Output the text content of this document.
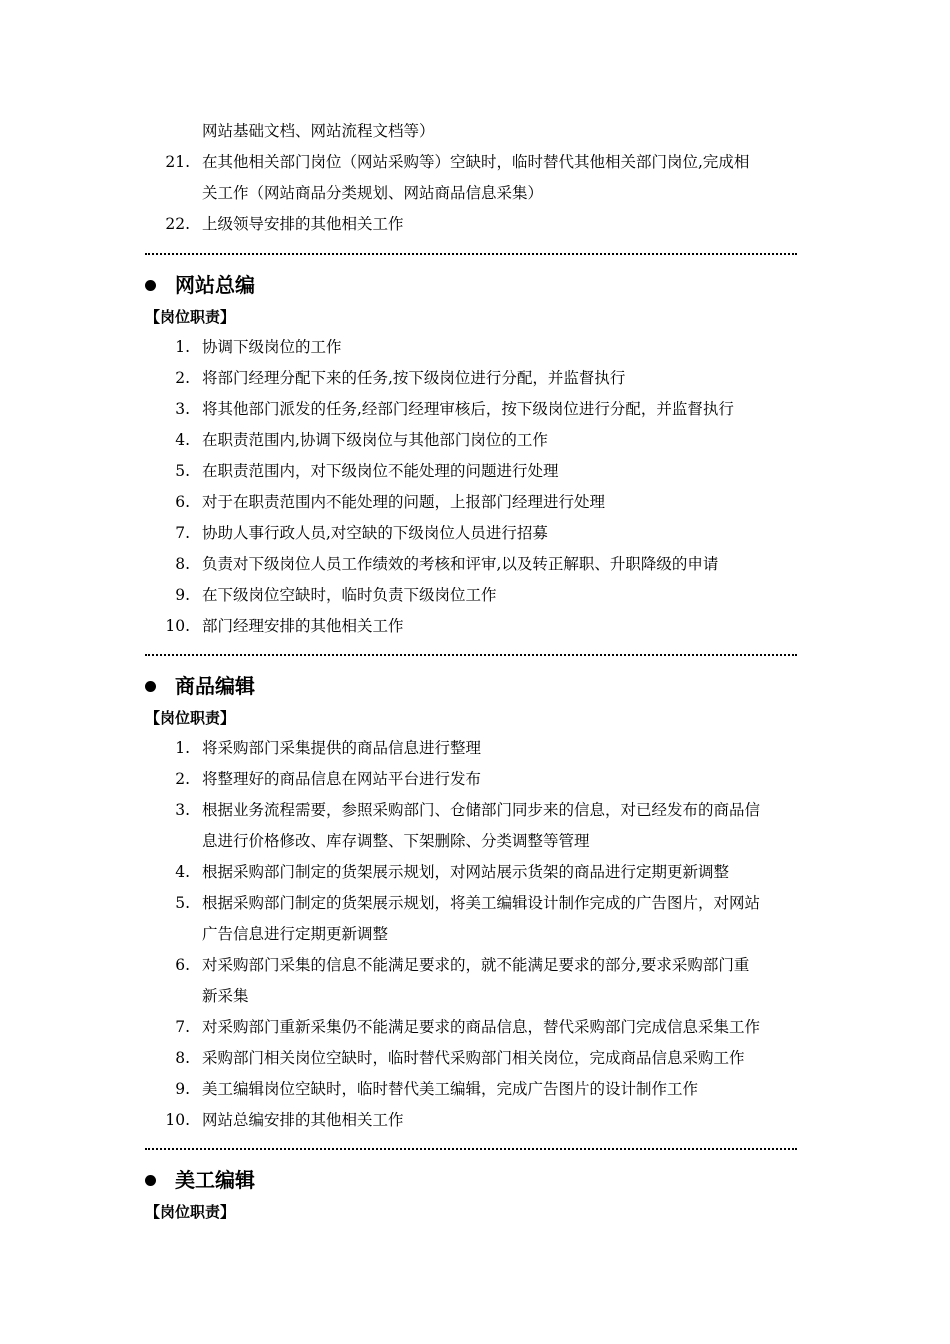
网站基础文档、网站流程文档等）
21. 在其他相关部门岗位（网站采购等）空缺时，临时替代其他相关部门岗位,完成相
关工作（网站商品分类规划、网站商品信息采集）
22. 上级领导安排的其他相关工作
网站总编
【岗位职责】
1. 协调下级岗位的工作
2. 将部门经理分配下来的任务,按下级岗位进行分配，并监督执行
3. 将其他部门派发的任务,经部门经理审核后，按下级岗位进行分配，并监督执行
4. 在职责范围内,协调下级岗位与其他部门岗位的工作
5. 在职责范围内，对下级岗位不能处理的问题进行处理
6. 对于在职责范围内不能处理的问题，上报部门经理进行处理
7. 协助人事行政人员,对空缺的下级岗位人员进行招募
8. 负责对下级岗位人员工作绩效的考核和评审,以及转正解职、升职降级的申请
9. 在下级岗位空缺时，临时负责下级岗位工作
10. 部门经理安排的其他相关工作
商品编辑
【岗位职责】
1. 将采购部门采集提供的商品信息进行整理
2. 将整理好的商品信息在网站平台进行发布
3. 根据业务流程需要，参照采购部门、仓储部门同步来的信息，对已经发布的商品信
息进行价格修改、库存调整、下架删除、分类调整等管理
4. 根据采购部门制定的货架展示规划，对网站展示货架的商品进行定期更新调整
5. 根据采购部门制定的货架展示规划，将美工编辑设计制作完成的广告图片，对网站
广告信息进行定期更新调整
6. 对采购部门采集的信息不能满足要求的，就不能满足要求的部分,要求采购部门重
新采集
7. 对采购部门重新采集仍不能满足要求的商品信息，替代采购部门完成信息采集工作
8. 采购部门相关岗位空缺时，临时替代采购部门相关岗位，完成商品信息采购工作
9. 美工编辑岗位空缺时，临时替代美工编辑，完成广告图片的设计制作工作
10. 网站总编安排的其他相关工作
美工编辑
【岗位职责】
